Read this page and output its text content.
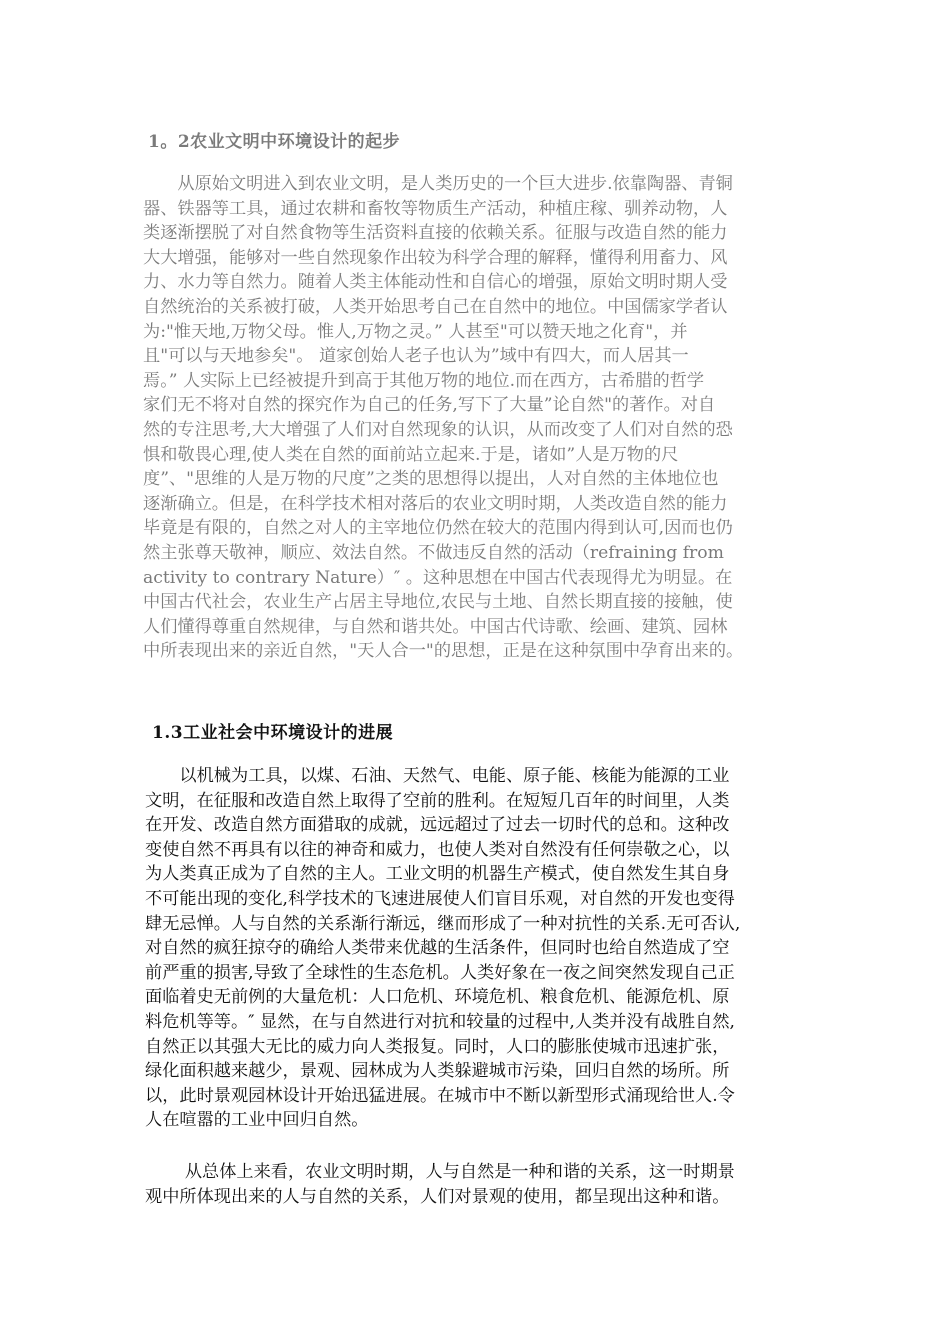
1。2农业文明中环境设计的起步
　　从原始文明进入到农业文明，是人类历史的一个巨大进步.依靠陶器、青铜
器、铁器等工具，通过农耕和畜牧等物质生产活动，种植庄稼、驯养动物，人
类逐渐摆脱了对自然食物等生活资料直接的依赖关系。征服与改造自然的能力
大大增强，能够对一些自然现象作出较为科学合理的解释，懂得利用畜力、风
力、水力等自然力。随着人类主体能动性和自信心的增强，原始文明时期人受
自然统治的关系被打破，人类开始思考自己在自然中的地位。中国儒家学者认
为:"惟天地,万物父母。惟人,万物之灵。” 人甚至"可以赞天地之化育"，并
且"可以与天地参矣"。 道家创始人老子也认为”域中有四大，而人居其一
焉。” 人实际上已经被提升到高于其他万物的地位.而在西方，古希腊的哲学
家们无不将对自然的探究作为自己的任务,写下了大量”论自然"的著作。对自
然的专注思考,大大增强了人们对自然现象的认识，从而改变了人们对自然的恐
惧和敬畏心理,使人类在自然的面前站立起来.于是，诸如”人是万物的尺
度”、"思维的人是万物的尺度”之类的思想得以提出，人对自然的主体地位也
逐渐确立。但是，在科学技术相对落后的农业文明时期，人类改造自然的能力
毕竟是有限的，自然之对人的主宰地位仍然在较大的范围内得到认可,因而也仍
然主张尊天敬神，顺应、效法自然。不做违反自然的活动（refraining from
activity to contrary Nature）″ 。这种思想在中国古代表现得尤为明显。在
中国古代社会，农业生产占居主导地位,农民与土地、自然长期直接的接触，使
人们懂得尊重自然规律，与自然和谐共处。中国古代诗歌、绘画、建筑、园林
中所表现出来的亲近自然，"天人合一"的思想，正是在这种氛围中孕育出来的。
1.3工业社会中环境设计的进展
　　以机械为工具，以煤、石油、天然气、电能、原子能、核能为能源的工业
文明，在征服和改造自然上取得了空前的胜利。在短短几百年的时间里，人类
在开发、改造自然方面猎取的成就，远远超过了过去一切时代的总和。这种改
变使自然不再具有以往的神奇和威力，也使人类对自然没有任何崇敬之心，以
为人类真正成为了自然的主人。工业文明的机器生产模式，使自然发生其自身
不可能出现的变化,科学技术的飞速进展使人们盲目乐观，对自然的开发也变得
肆无忌惮。人与自然的关系渐行渐远，继而形成了一种对抗性的关系.无可否认,
对自然的疯狂掠夺的确给人类带来优越的生活条件，但同时也给自然造成了空
前严重的损害,导致了全球性的生态危机。人类好象在一夜之间突然发现自己正
面临着史无前例的大量危机：人口危机、环境危机、粮食危机、能源危机、原
料危机等等。″ 显然，在与自然进行对抗和较量的过程中,人类并没有战胜自然,
自然正以其强大无比的威力向人类报复。同时，人口的膨胀使城市迅速扩张，
绿化面积越来越少，景观、园林成为人类躲避城市污染，回归自然的场所。所
以，此时景观园林设计开始迅猛进展。在城市中不断以新型形式涌现给世人.令
人在喧嚣的工业中回归自然。
　　 从总体上来看，农业文明时期，人与自然是一种和谐的关系，这一时期景
观中所体现出来的人与自然的关系，人们对景观的使用，都呈现出这种和谐。
